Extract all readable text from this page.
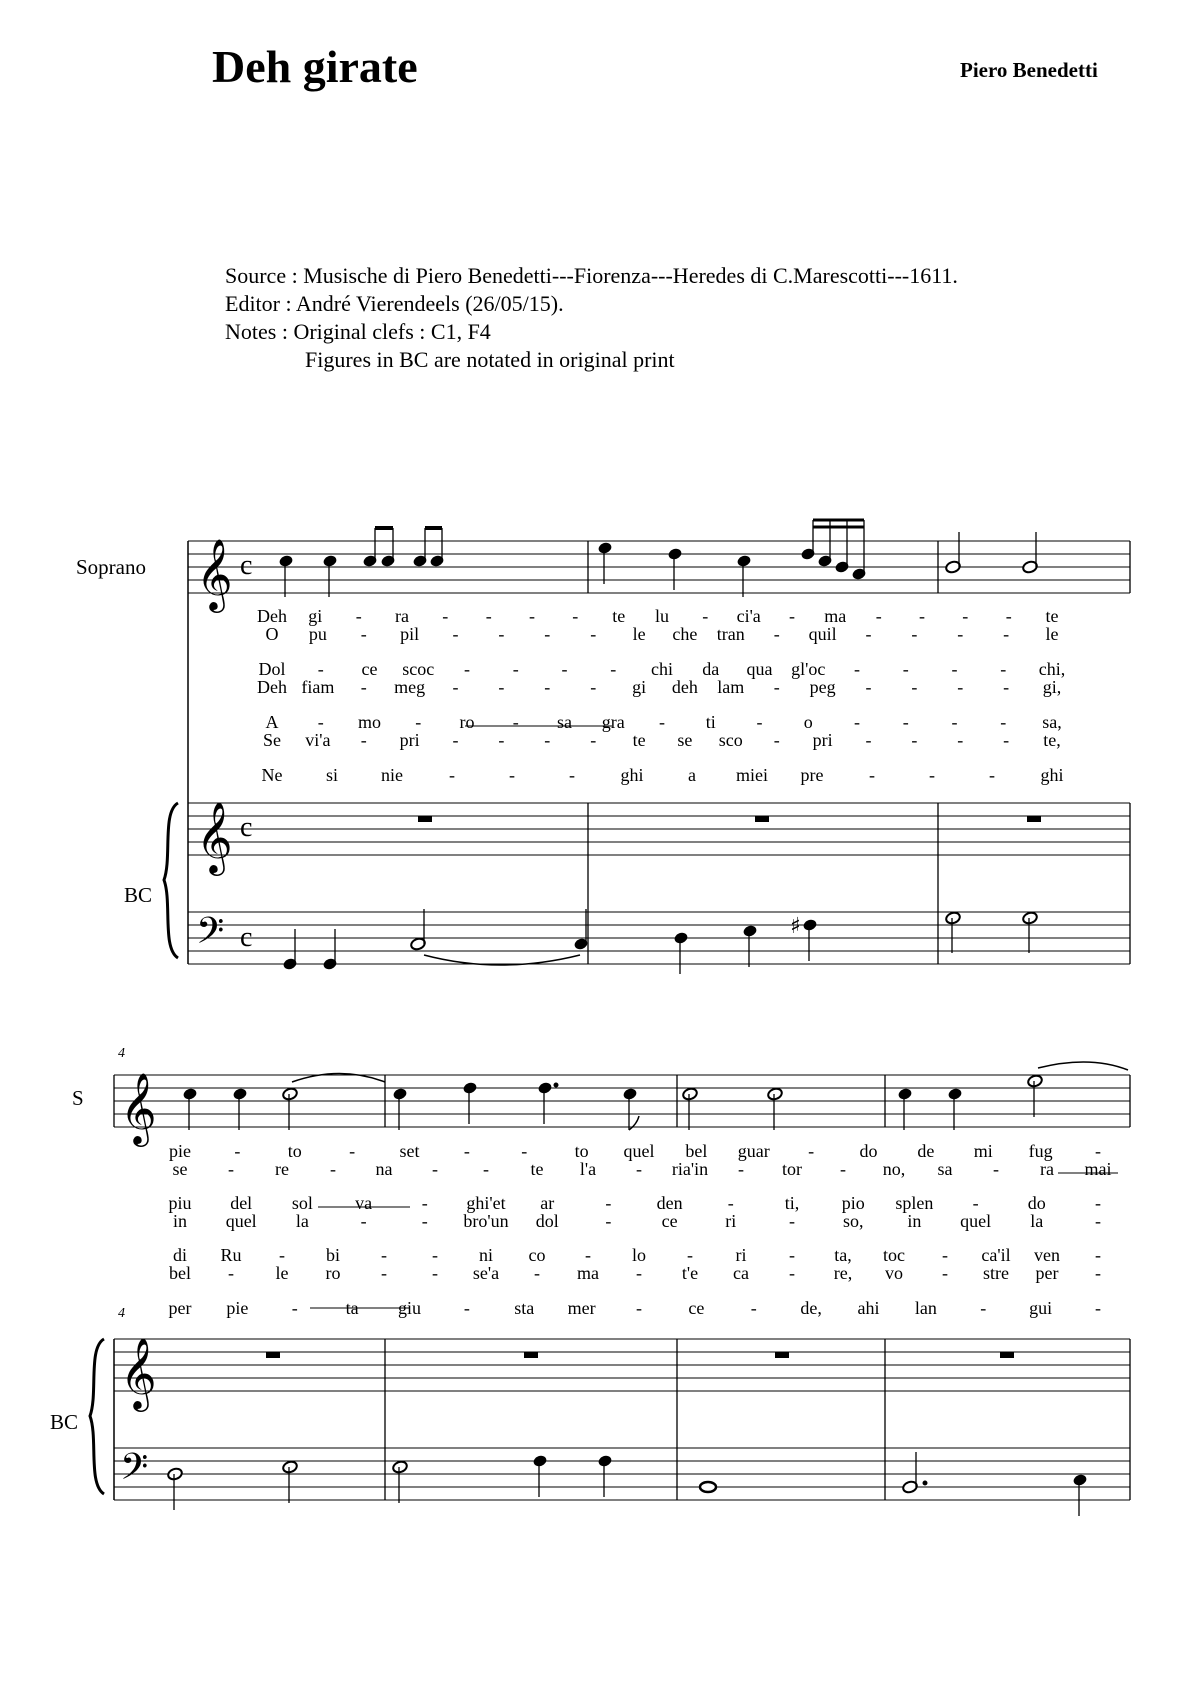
Deh girate	Piero Benedetti
Source : Musische di Piero Benedetti---Fiorenza---Heredes di C.Marescotti---1611.
Editor : André Vierendeels (26/05/15).
Notes : Original clefs : C1, F4
Figures in BC are notated in original print
Soprano
BC
S
BC
𝄞 c
𝄞 c
𝄢 c	♯
Deh gi - ra - - - - te lu - ci'a - ma - - - - te
O pu - pil - - - - le che tran - quil - - - - le
Dol - ce scoc - - - - chi da qua gl'oc - - - - chi,
Deh fiam - meg - - - - gi deh lam - peg - - - - gi,
A - mo - ro - sa gra - ti - o - - - - sa,
Se vi'a - pri - - - - te se sco - pri - - - - te,
Ne si nie	-	-	-	ghi a miei pre	-	-	-	ghi
4
4
𝄞
𝄞
𝄢
pie -	to	- set -	-	to quel bel guar -	do de mi fug -
se - re - na -	- te l'a - ria'in - tor - no, sa - ra mai
piu del sol va	- ghi'et ar	-	den	-	ti, pio splen -	do	-
in quel la	-	- bro'un dol	-	ce	ri	-	so, in quel la	-
di Ru - bi -	- ni co - lo - ri - ta, toc - ca'il ven -
bel - le ro -	- se'a - ma - t'e ca - re, vo - stre per -
per pie -	ta giu - sta mer -	ce	- de, ahi lan - gui -
